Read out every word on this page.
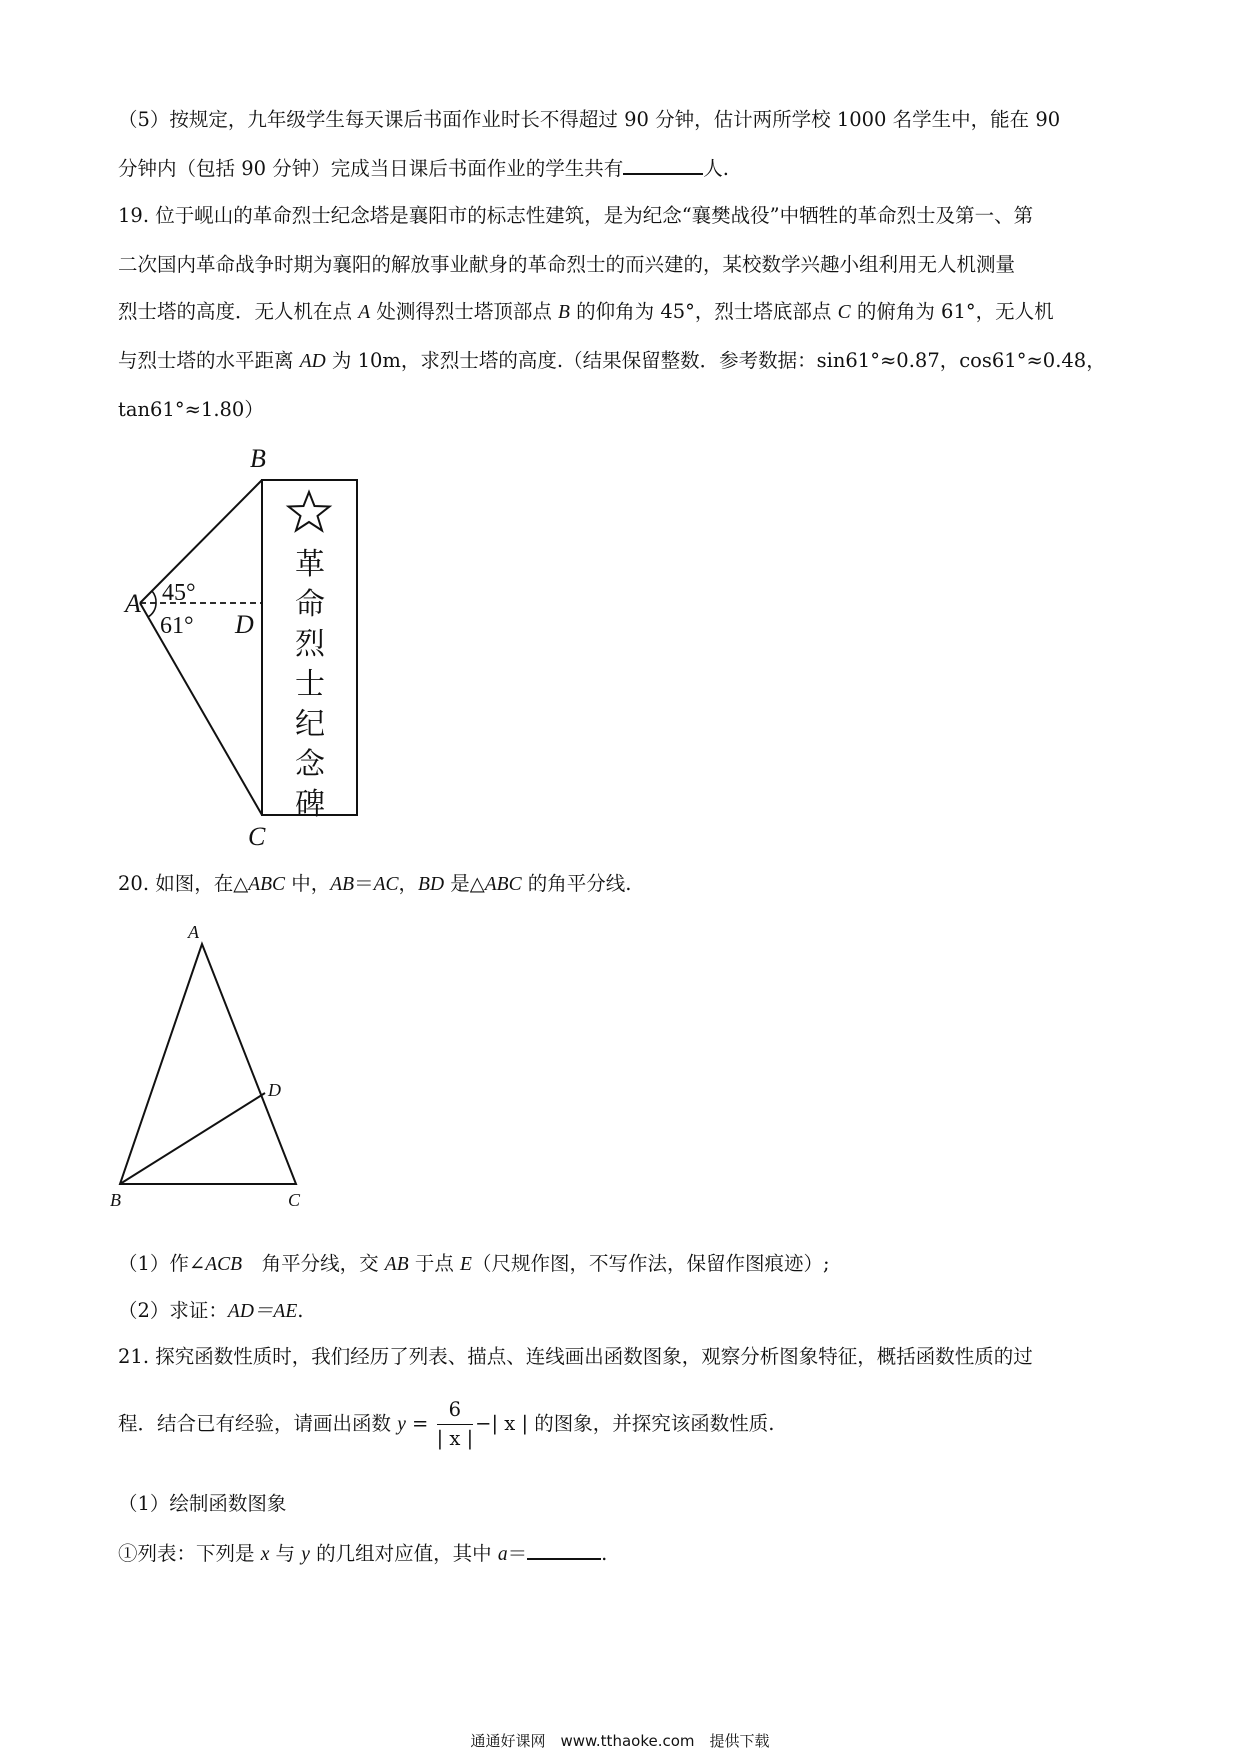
（5）按规定，九年级学生每天课后书面作业时长不得超过 90 分钟，估计两所学校 1000 名学生中，能在 90
分钟内（包括 90 分钟）完成当日课后书面作业的学生共有	人.
19. 位于岘山的革命烈士纪念塔是襄阳市的标志性建筑，是为纪念“襄樊战役”中牺牲的革命烈士及第一、第
二次国内革命战争时期为襄阳的解放事业献身的革命烈士的而兴建的，某校数学兴趣小组利用无人机测量
烈士塔的高度．无人机在点 A 处测得烈士塔顶部点 B 的仰角为 45°，烈士塔底部点 C 的俯角为 61°，无人机
与烈士塔的水平距离 AD 为 10m，求烈士塔的高度.（结果保留整数．参考数据：sin61°≈0.87，cos61°≈0.48，
tan61°≈1.80）
A
B
C
D
45°
61°
革
命
烈
士
纪
念
碑
20. 如图，在△ABC 中，AB＝AC，BD 是△ABC 的角平分线.
A
B	C
D
（1）作∠ACB　角平分线，交 AB 于点 E（尺规作图，不写作法，保留作图痕迹）;
（2）求证：AD＝AE.
21. 探究函数性质时，我们经历了列表、描点、连线画出函数图象，观察分析图象特征，概括函数性质的过
程．结合已有经验，请画出函数 $y = \frac{6}{| x |}$ −| x | 的图象，并探究该函数性质.
（1）绘制函数图象
①列表：下列是 x 与 y 的几组对应值，其中 a＝	.
通通好课网　www.tthaoke.com　提供下载
